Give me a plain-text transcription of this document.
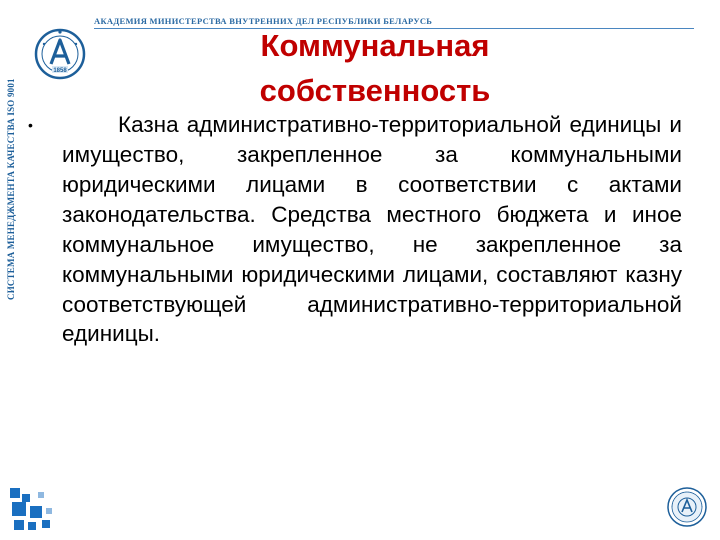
СИСТЕМА МЕНЕДЖМЕНТА КАЧЕСТВА ISO 9001
АКАДЕМИЯ МИНИСТЕРСТВА ВНУТРЕННИХ ДЕЛ РЕСПУБЛИКИ БЕЛАРУСЬ
1858
Коммунальная собственность
•	Казна административно-территориальной единицы и имущество, закрепленное за коммунальными юридическими лицами в соответствии с актами законодательства. Средства местного бюджета и иное коммунальное имущество, не закрепленное за коммунальными юридическими лицами, составляют казну соответствующей административно-территориальной единицы.
